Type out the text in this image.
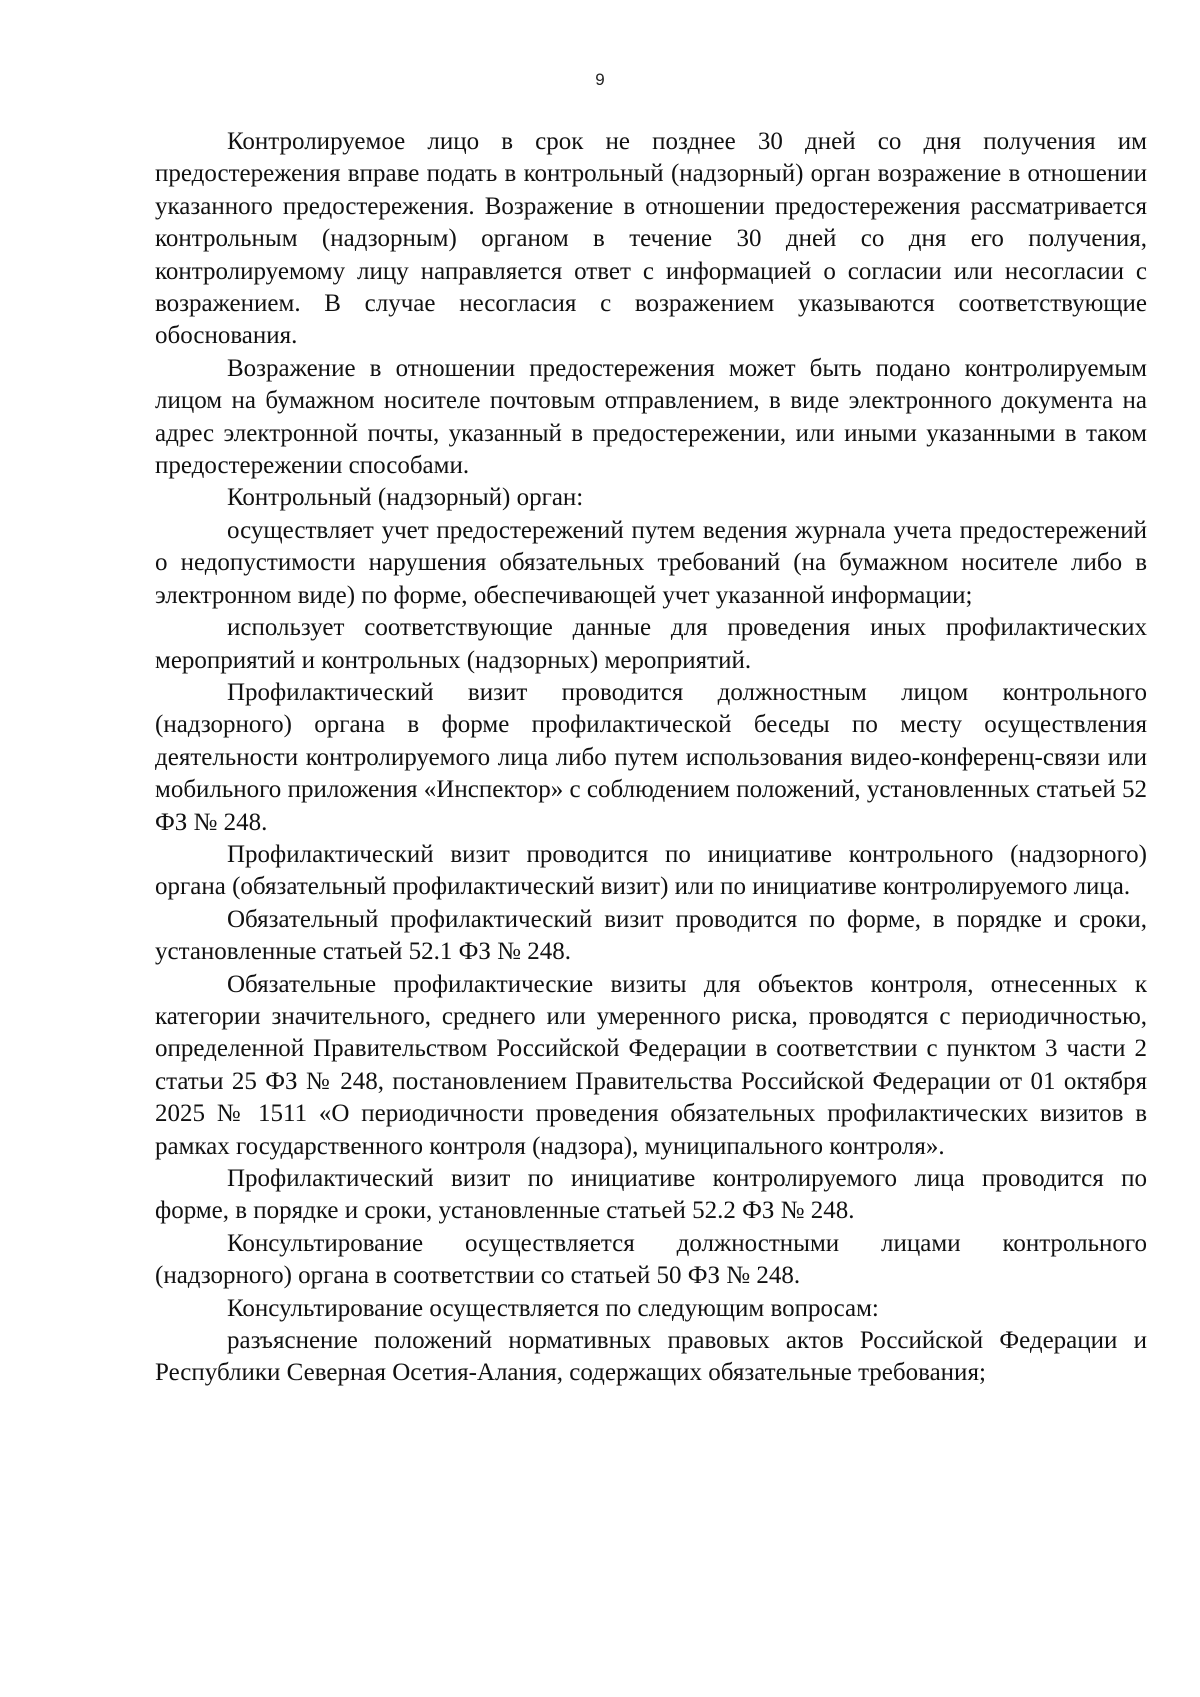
9

Контролируемое лицо в срок не позднее 30 дней со дня получения им предостережения вправе подать в контрольный (надзорный) орган возражение в отношении указанного предостережения. Возражение в отношении предостережения рассматривается контрольным (надзорным) органом в течение 30 дней со дня его получения, контролируемому лицу направляется ответ с информацией о согласии или несогласии с возражением. В случае несогласия с возражением указываются соответствующие обоснования.

Возражение в отношении предостережения может быть подано контролируемым лицом на бумажном носителе почтовым отправлением, в виде электронного документа на адрес электронной почты, указанный в предостережении, или иными указанными в таком предостережении способами.

Контрольный (надзорный) орган:

осуществляет учет предостережений путем ведения журнала учета предостережений о недопустимости нарушения обязательных требований (на бумажном носителе либо в электронном виде) по форме, обеспечивающей учет указанной информации;

использует соответствующие данные для проведения иных профилактических мероприятий и контрольных (надзорных) мероприятий.

Профилактический визит проводится должностным лицом контрольного (надзорного) органа в форме профилактической беседы по месту осуществления деятельности контролируемого лица либо путем использования видео-конференц-связи или мобильного приложения «Инспектор» с соблюдением положений, установленных статьей 52 ФЗ № 248.

Профилактический визит проводится по инициативе контрольного (надзорного) органа (обязательный профилактический визит) или по инициативе контролируемого лица.

Обязательный профилактический визит проводится по форме, в порядке и сроки, установленные статьей 52.1 ФЗ № 248.

Обязательные профилактические визиты для объектов контроля, отнесенных к категории значительного, среднего или умеренного риска, проводятся с периодичностью, определенной Правительством Российской Федерации в соответствии с пунктом 3 части 2 статьи 25 ФЗ № 248, постановлением Правительства Российской Федерации от 01 октября 2025 № 1511 «О периодичности проведения обязательных профилактических визитов в рамках государственного контроля (надзора), муниципального контроля».

Профилактический визит по инициативе контролируемого лица проводится по форме, в порядке и сроки, установленные статьей 52.2 ФЗ № 248.

Консультирование осуществляется должностными лицами контрольного (надзорного) органа в соответствии со статьей 50 ФЗ № 248.

Консультирование осуществляется по следующим вопросам:

разъяснение положений нормативных правовых актов Российской Федерации и Республики Северная Осетия-Алания, содержащих обязательные требования;
